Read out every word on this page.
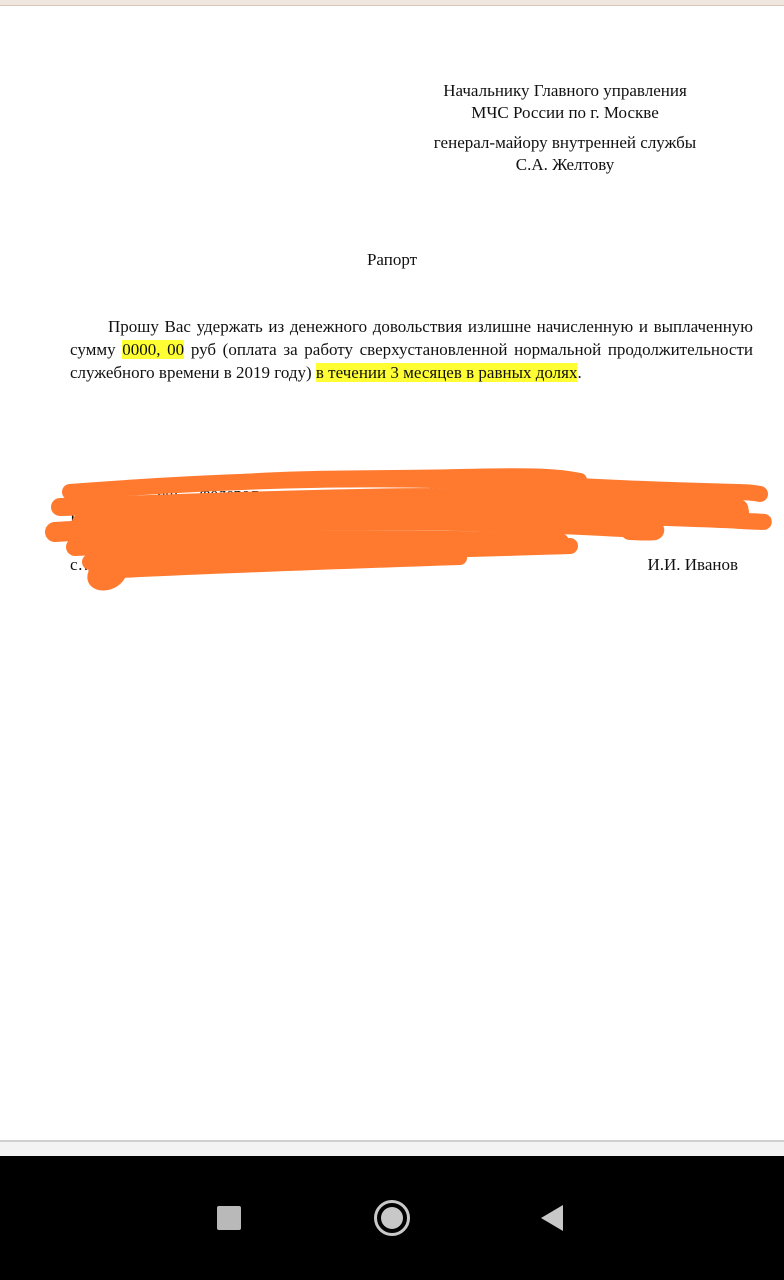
Начальнику Главного управления
МЧС России по г. Москве
генерал-майору внутренней службы
С.А. Желтову
Рапорт
Прошу Вас удержать из денежного довольствия излишне начисленную и выплаченную сумму 0000, 00 руб (оплата за работу сверхустановленной нормальной продолжительности служебного времени в 2019 году) в течении 3 месяцев в равных долях.
…олог… …ещ… федерал… …противопо… …ной служб…
П… …федер… …п…
г. Москве
с… …ы	И.И. Иванов
